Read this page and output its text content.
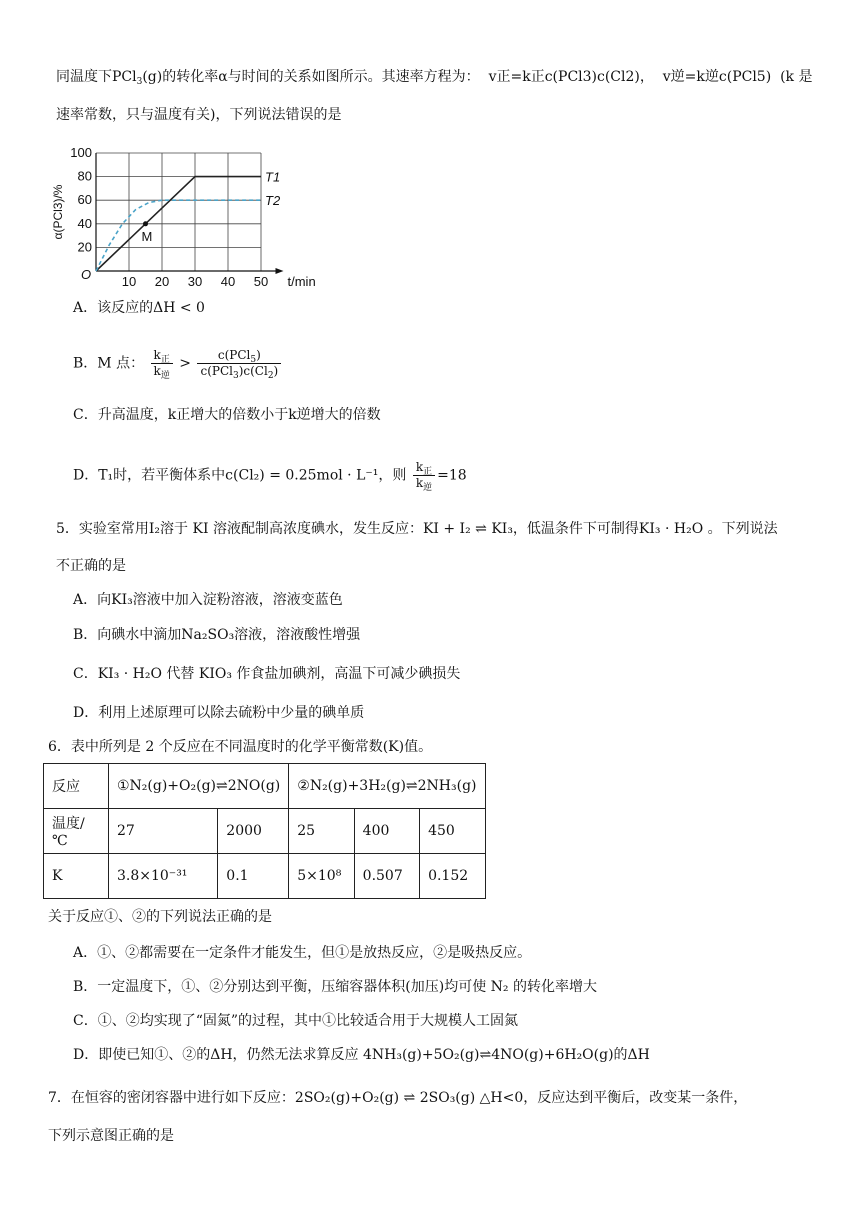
同温度下PCl$_3$(g)的转化率α与时间的关系如图所示。其速率方程为： v正=k正c(PCl3)c(Cl2)， v逆=k逆c(PCl5) (k 是
速率常数，只与温度有关)，下列说法错误的是
10 20 30 40 50
20
40
60
80
100
O	t/min
α(PCl3)/%
T1
T2
M
A．该反应的ΔH < 0
B．M 点： $\frac{k_正}{k_逆} > \frac{c(PCl_5)}{c(PCl_3)c(Cl_2)}$
C．升高温度，k正增大的倍数小于k逆增大的倍数
D．T₁时，若平衡体系中c(Cl₂) = 0.25mol · L⁻¹，则 $\frac{k_正}{k_逆} =18$
5．实验室常用I₂溶于 KI 溶液配制高浓度碘水，发生反应：KI + I₂ ⇌ KI₃，低温条件下可制得KI₃ · H₂O 。下列说法
不正确的是
A．向KI₃溶液中加入淀粉溶液，溶液变蓝色
B．向碘水中滴加Na₂SO₃溶液，溶液酸性增强
C．KI₃ · H₂O 代替 KIO₃ 作食盐加碘剂，高温下可减少碘损失
D．利用上述原理可以除去硫粉中少量的碘单质
6．表中所列是 2 个反应在不同温度时的化学平衡常数(K)值。
反应	①N₂(g)+O₂(g)⇌2NO(g)		②N₂(g)+3H₂(g)⇌2NH₃(g)		
温度/℃	27	2000	25	400	450
K	3.8×10⁻³¹	0.1	5×10⁸	0.507	0.152
关于反应①、②的下列说法正确的是
A．①、②都需要在一定条件才能发生，但①是放热反应，②是吸热反应。
B．一定温度下，①、②分别达到平衡，压缩容器体积(加压)均可使 N₂ 的转化率增大
C．①、②均实现了“固氮”的过程，其中①比较适合用于大规模人工固氮
D．即使已知①、②的ΔH，仍然无法求算反应 4NH₃(g)+5O₂(g)⇌4NO(g)+6H₂O(g)的ΔH
7．在恒容的密闭容器中进行如下反应：2SO₂(g)+O₂(g) ⇌ 2SO₃(g) △H<0，反应达到平衡后，改变某一条件，
下列示意图正确的是
